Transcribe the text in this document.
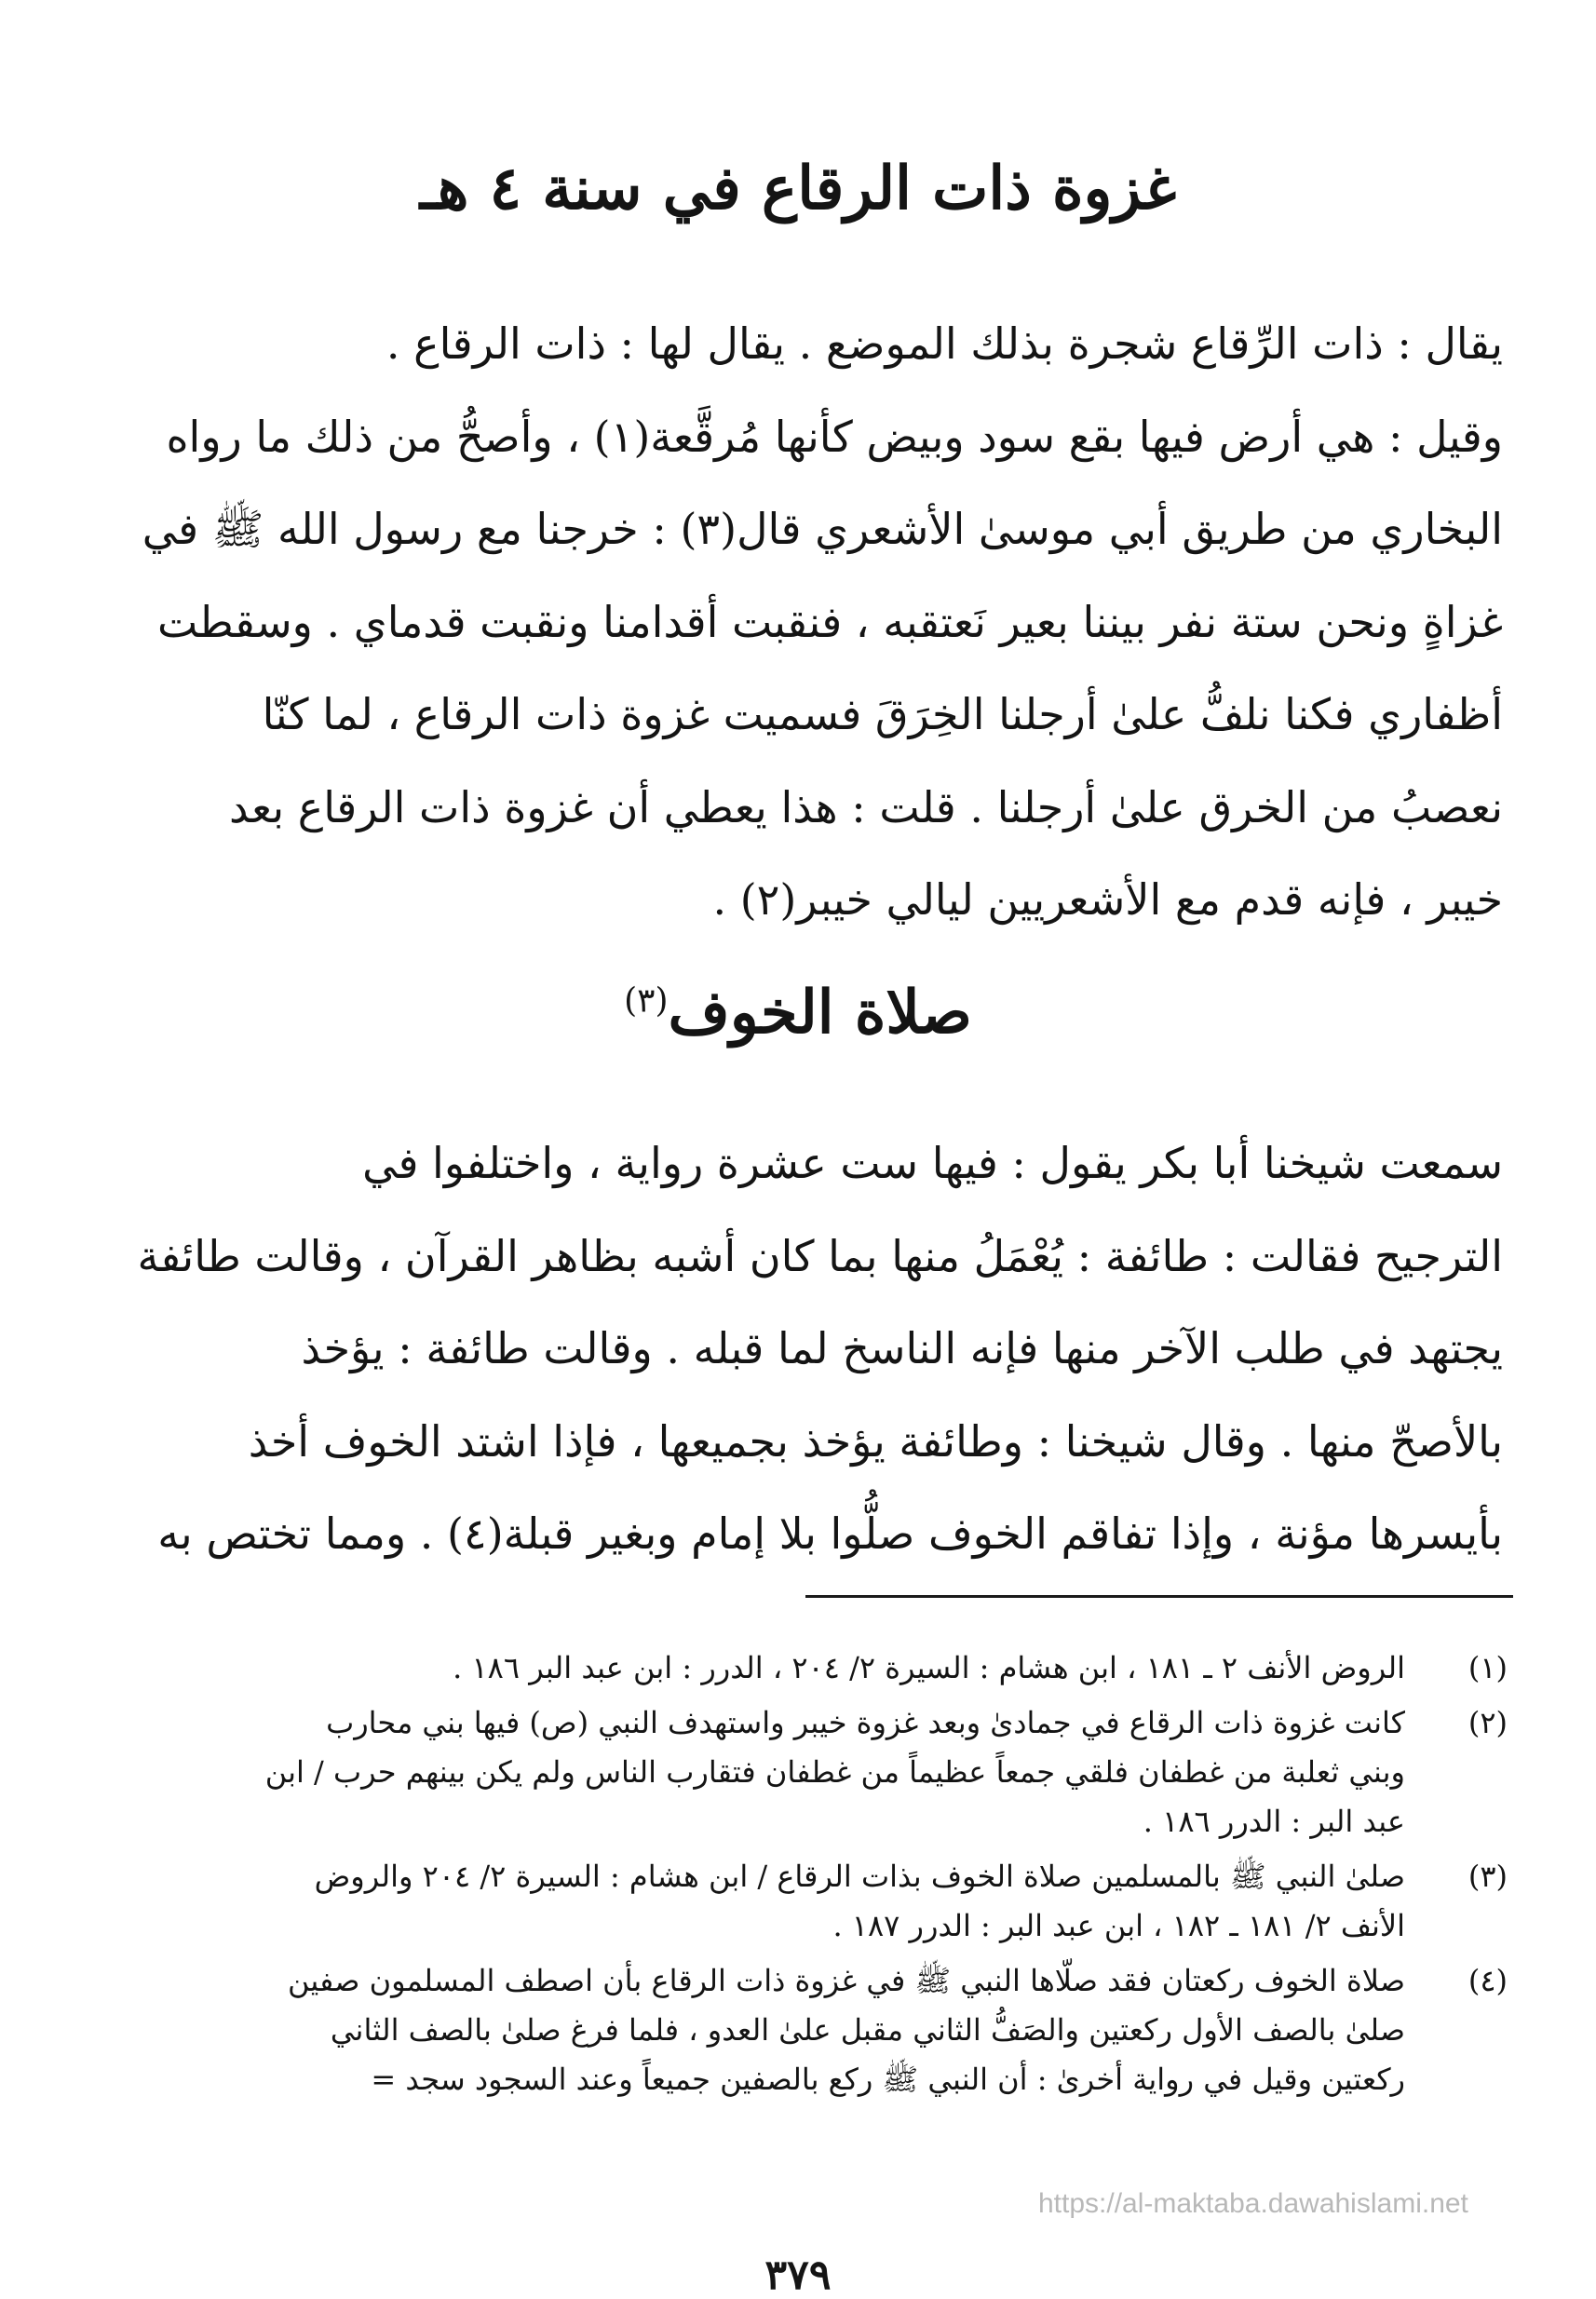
غزوة ذات الرقاع في سنة ٤ هـ
يقال : ذات الرِّقاع شجرة بذلك الموضع . يقال لها : ذات الرقاع .
وقيل : هي أرض فيها بقع سود وبيض كأنها مُرقَّعة(١) ، وأصحُّ من ذلك ما رواه
البخاري من طريق أبي موسىٰ الأشعري قال(٣) : خرجنا مع رسول الله ﷺ في
غزاةٍ ونحن ستة نفر بيننا بعير نَعتقبه ، فنقبت أقدامنا ونقبت قدماي . وسقطت
أظفاري فكنا نلفُّ علىٰ أرجلنا الخِرَقَ فسميت غزوة ذات الرقاع ، لما كنّا
نعصبُ من الخرق علىٰ أرجلنا . قلت : هذا يعطي أن غزوة ذات الرقاع بعد
خيبر ، فإنه قدم مع الأشعريين ليالي خيبر(٢) .
صلاة الخوف$^{(٣)}$
سمعت شيخنا أبا بكر يقول : فيها ست عشرة رواية ، واختلفوا في
الترجيح فقالت : طائفة : يُعْمَلُ منها بما كان أشبه بظاهر القرآن ، وقالت طائفة
يجتهد في طلب الآخر منها فإنه الناسخ لما قبله . وقالت طائفة : يؤخذ
بالأصحّ منها . وقال شيخنا : وطائفة يؤخذ بجميعها ، فإذا اشتد الخوف أخذ
بأيسرها مؤنة ، وإذا تفاقم الخوف صلُّوا بلا إمام وبغير قبلة(٤) . ومما تختص به
(١)
الروض الأنف ٢ ـ ١٨١ ، ابن هشام : السيرة ٢/ ٢٠٤ ، الدرر : ابن عبد البر ١٨٦ .
(٢)
كانت غزوة ذات الرقاع في جمادىٰ وبعد غزوة خيبر واستهدف النبي (ص) فيها بني محارب
وبني ثعلبة من غطفان فلقي جمعاً عظيماً من غطفان فتقارب الناس ولم يكن بينهم حرب / ابن
عبد البر : الدرر ١٨٦ .
(٣)
صلىٰ النبي ﷺ بالمسلمين صلاة الخوف بذات الرقاع / ابن هشام : السيرة ٢/ ٢٠٤ والروض
الأنف ٢/ ١٨١ ـ ١٨٢ ، ابن عبد البر : الدرر ١٨٧ .
(٤)
صلاة الخوف ركعتان فقد صلّاها النبي ﷺ في غزوة ذات الرقاع بأن اصطف المسلمون صفين
صلىٰ بالصف الأول ركعتين والصَفُّ الثاني مقبل علىٰ العدو ، فلما فرغ صلىٰ بالصف الثاني
ركعتين وقيل في رواية أخرىٰ : أن النبي ﷺ ركع بالصفين جميعاً وعند السجود سجد =
https://al-maktaba.dawahislami.net
٣٧٩
